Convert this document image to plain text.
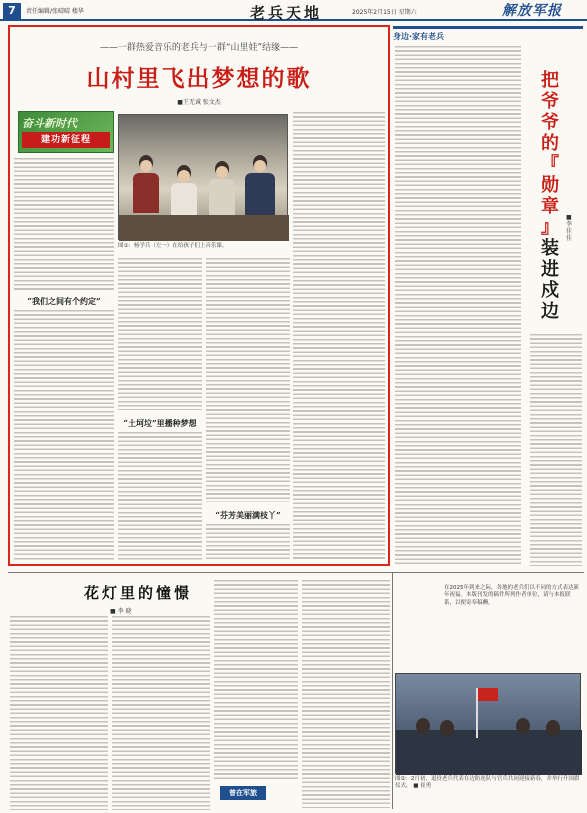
7	责任编辑/张晴晴 楼华	老兵天地	2025年2月15日 星期六	解放军报
——一群热爱音乐的老兵与一群“山里娃”结缘——
山村里飞出梦想的歌
■王无诚 张文杰
奋斗新时代
建功新征程
图①：杨学兵（左一）在给孩子们上音乐课。
“我们之间有个约定”
“土坷垃”里播种梦想
“芬芳美丽满枝丫”
身边·家有老兵
把
爷
爷
的
『
勋
章
』
装
进
戍
边
■李佳佳
花灯里的憧憬
■ 李 晓
曾在军旅
在2025年到来之际，各地的老兵们以不同的方式表达新年祝福。本版刊发的稿件所列作者单位，请与本报联系，以便寄奉稿酬。
图②：2月初，退役老兵代表在边防连队与官兵共同迎接新春，并举行升国旗仪式。 ■ 崔勇
